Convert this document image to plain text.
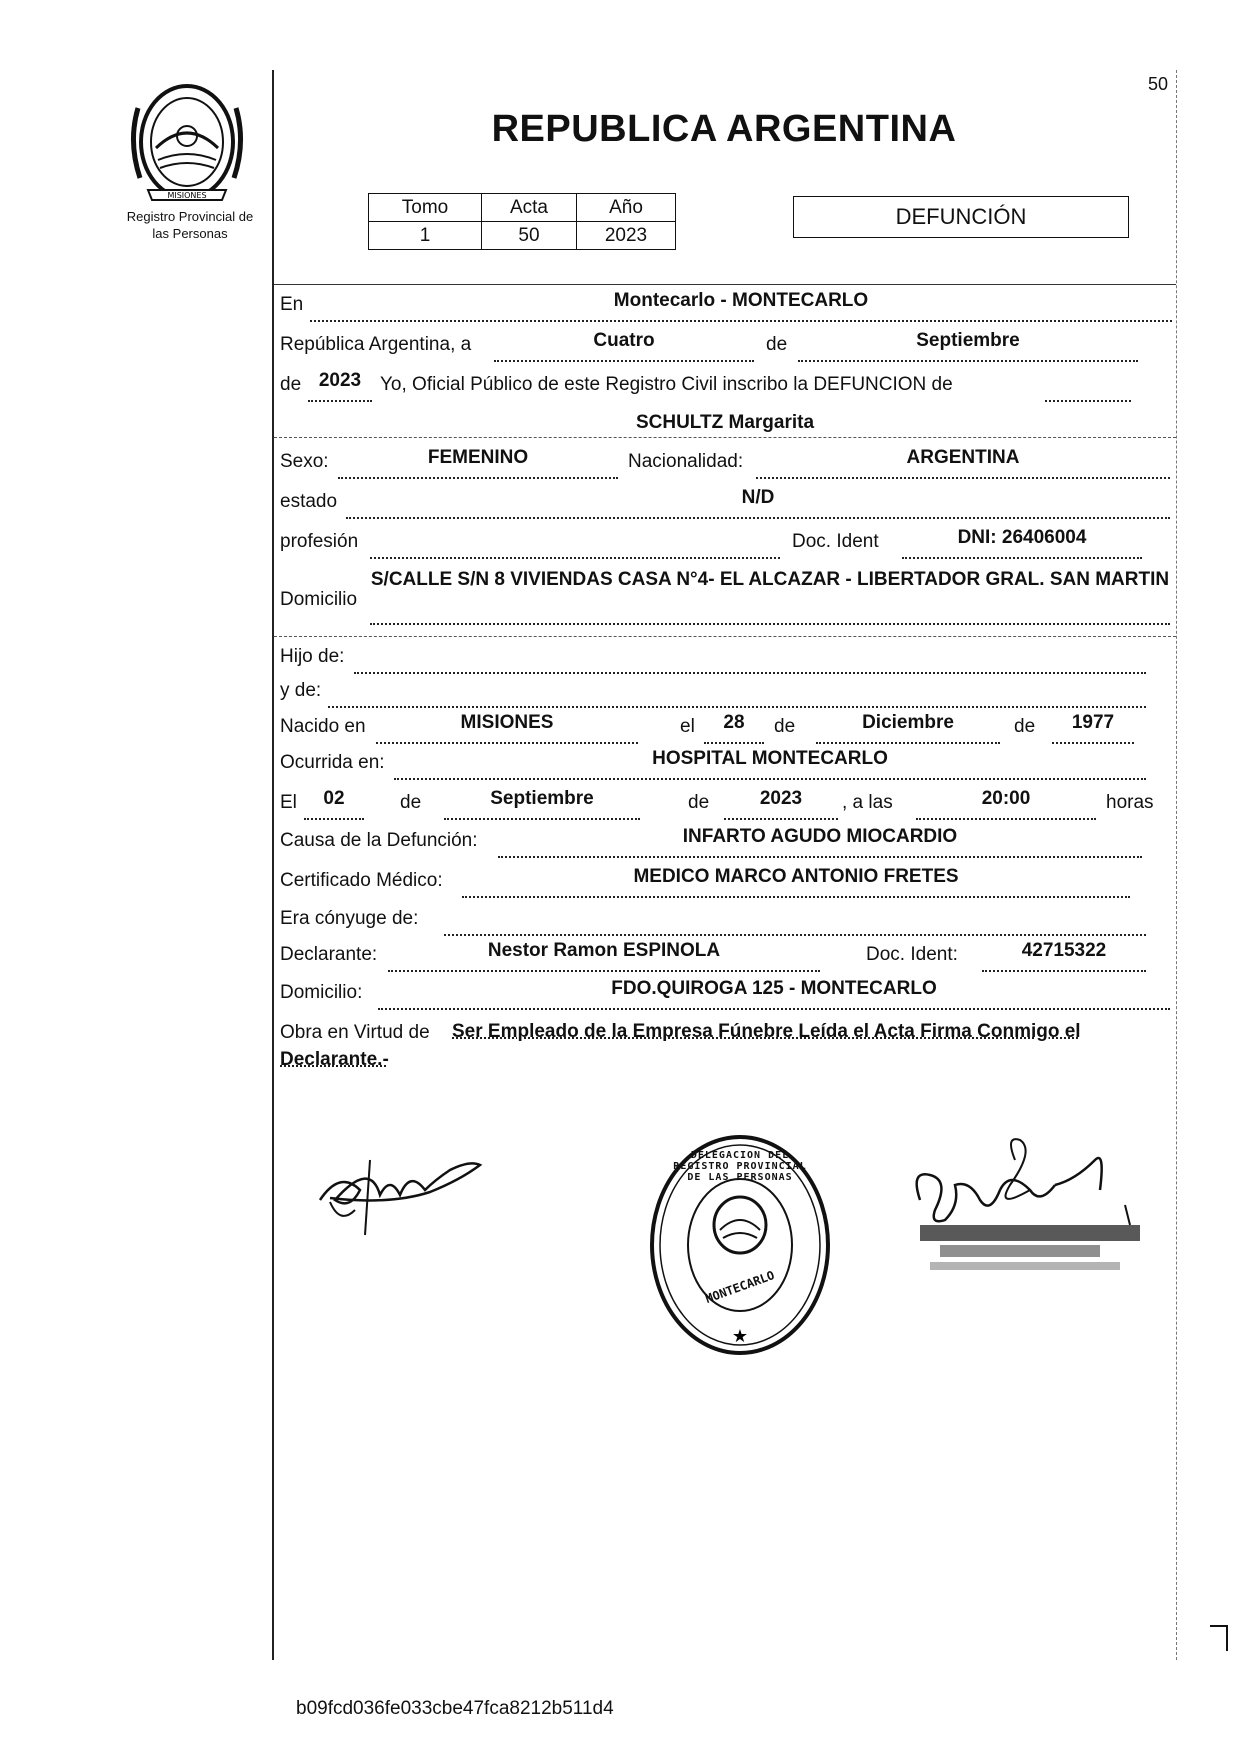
50
MISIONES
Registro Provincial de
las Personas
REPUBLICA ARGENTINA
Tomo	Acta	Año
1	50	2023
DEFUNCIÓN
En	Montecarlo - MONTECARLO
República Argentina, a	Cuatro	de	Septiembre
de 2023 Yo, Oficial Público de este Registro Civil inscribo la DEFUNCION de
SCHULTZ Margarita
Sexo:	FEMENINO	Nacionalidad:	ARGENTINA
estado	N/D
profesión	Doc. Ident	DNI: 26406004
Domicilio
S/CALLE S/N 8 VIVIENDAS CASA N°4- EL ALCAZAR - LIBERTADOR GRAL. SAN MARTIN
Hijo de:
y de:
Nacido en	MISIONES	el	28	de	Diciembre	de	1977
Ocurrida en:	HOSPITAL MONTECARLO
El	02	de	Septiembre	de	2023	, a las	20:00	horas
Causa de la Defunción:	INFARTO AGUDO MIOCARDIO
Certificado Médico:	MEDICO MARCO ANTONIO FRETES
Era cónyuge de:
Declarante:	Nestor Ramon ESPINOLA	Doc. Ident:	42715322
Domicilio:	FDO.QUIROGA 125 - MONTECARLO
Obra en Virtud de Ser Empleado de la Empresa Fúnebre Leída el Acta Firma Conmigo el
Declarante.-
★
DELEGACION DEL REGISTRO PROVINCIAL DE LAS PERSONAS
MONTECARLO
b09fcd036fe033cbe47fca8212b511d4
